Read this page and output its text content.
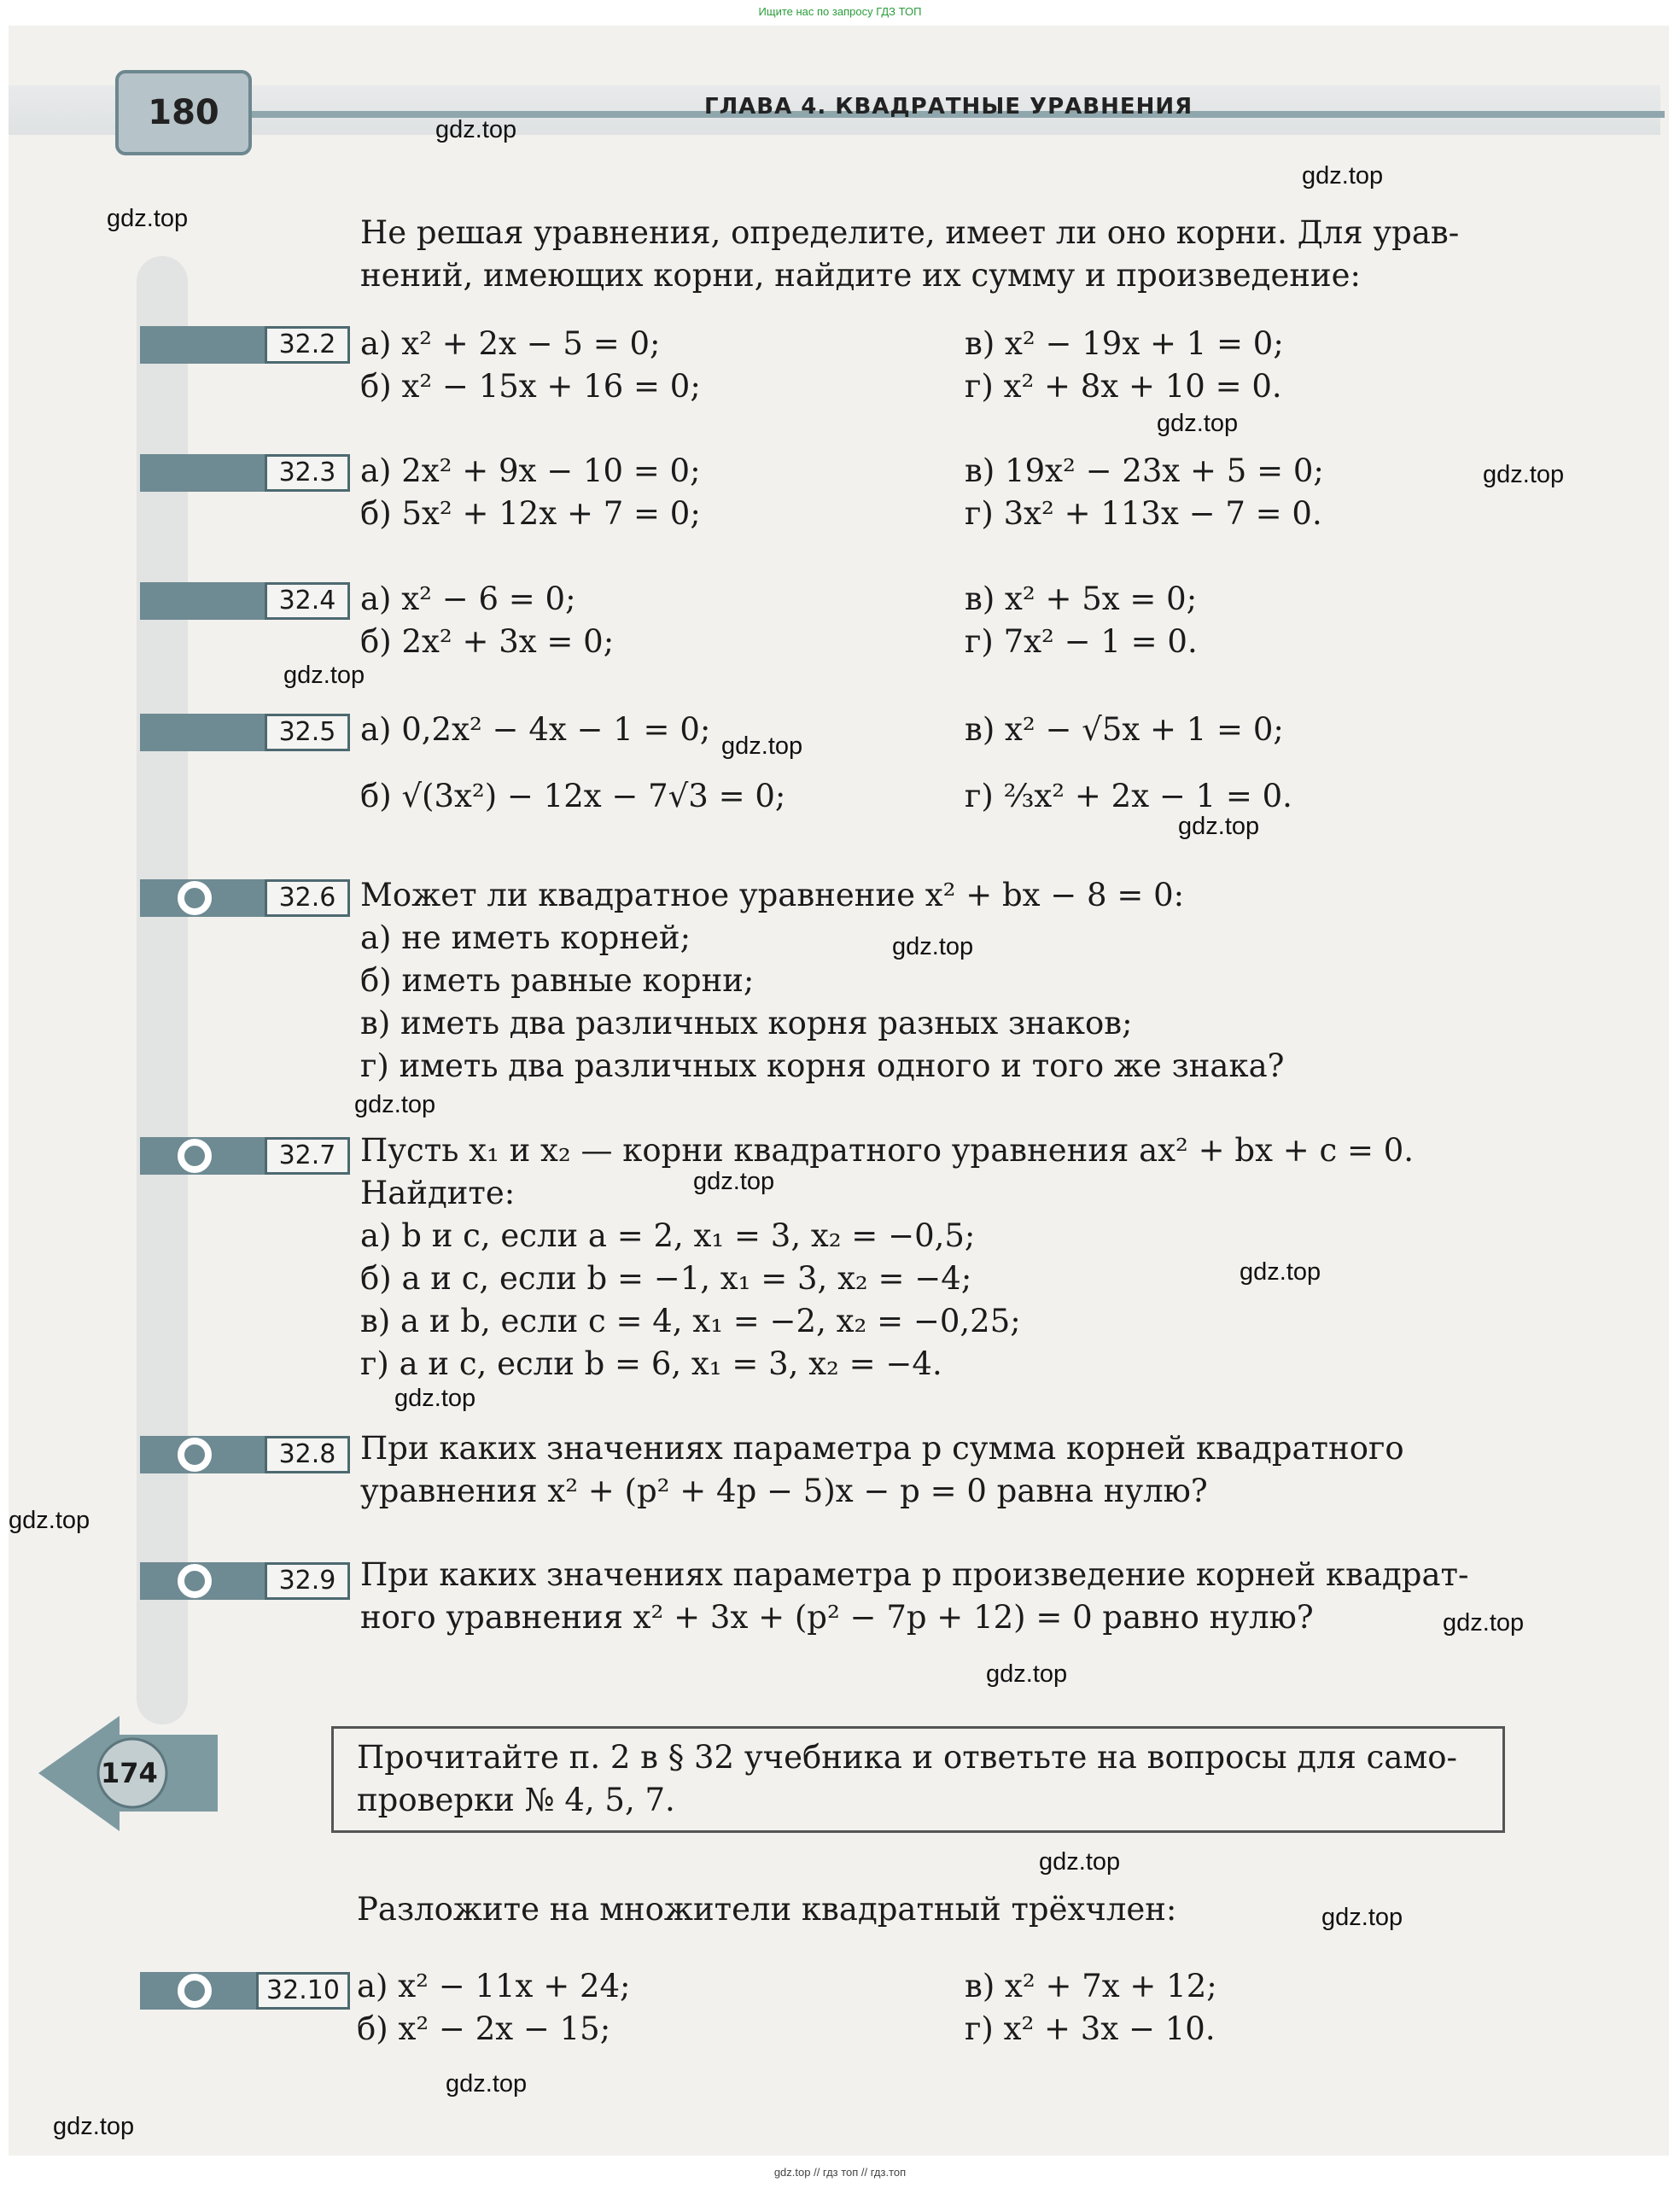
Ищите нас по запросу ГДЗ ТОП
180	ГЛАВА 4. КВАДРАТНЫЕ УРАВНЕНИЯ
gdz.top
gdz.top
gdz.top
gdz.top
gdz.top
gdz.top
gdz.top
gdz.top
gdz.top
gdz.top
gdz.top
gdz.top
gdz.top
gdz.top
gdz.top
gdz.top
gdz.top
gdz.top
gdz.top
gdz.top
Не решая уравнения, определите, имеет ли оно корни. Для урав-
нений, имеющих корни, найдите их сумму и произведение:
32.2 а) x² + 2x − 5 = 0;	в) x² − 19x + 1 = 0;
б) x² − 15x + 16 = 0;	г) x² + 8x + 10 = 0.
32.3 а) 2x² + 9x − 10 = 0;	в) 19x² − 23x + 5 = 0;
б) 5x² + 12x + 7 = 0;	г) 3x² + 113x − 7 = 0.
32.4 а) x² − 6 = 0;	в) x² + 5x = 0;
б) 2x² + 3x = 0;	г) 7x² − 1 = 0.
32.5 а) 0,2x² − 4x − 1 = 0;	в) x² − √5x + 1 = 0;
б) √(3x²) − 12x − 7√3 = 0;	г) ²⁄₃x² + 2x − 1 = 0.
32.6 Может ли квадратное уравнение x² + bx − 8 = 0:
а) не иметь корней;
б) иметь равные корни;
в) иметь два различных корня разных знаков;
г) иметь два различных корня одного и того же знака?
32.7 Пусть x₁ и x₂ — корни квадратного уравнения ax² + bx + c = 0.
Найдите:
а) b и c, если a = 2, x₁ = 3, x₂ = −0,5;
б) a и c, если b = −1, x₁ = 3, x₂ = −4;
в) a и b, если c = 4, x₁ = −2, x₂ = −0,25;
г) a и c, если b = 6, x₁ = 3, x₂ = −4.
32.8 При каких значениях параметра p сумма корней квадратного
уравнения x² + (p² + 4p − 5)x − p = 0 равна нулю?
32.9 При каких значениях параметра p произведение корней квадрат-
ного уравнения x² + 3x + (p² − 7p + 12) = 0 равно нулю?
174	Прочитайте п. 2 в § 32 учебника и ответьте на вопросы для само-
проверки № 4, 5, 7.
Разложите на множители квадратный трёхчлен:
32.10 а) x² − 11x + 24;	в) x² + 7x + 12;
б) x² − 2x − 15;	г) x² + 3x − 10.
gdz.top // гдз топ // гдз.топ
